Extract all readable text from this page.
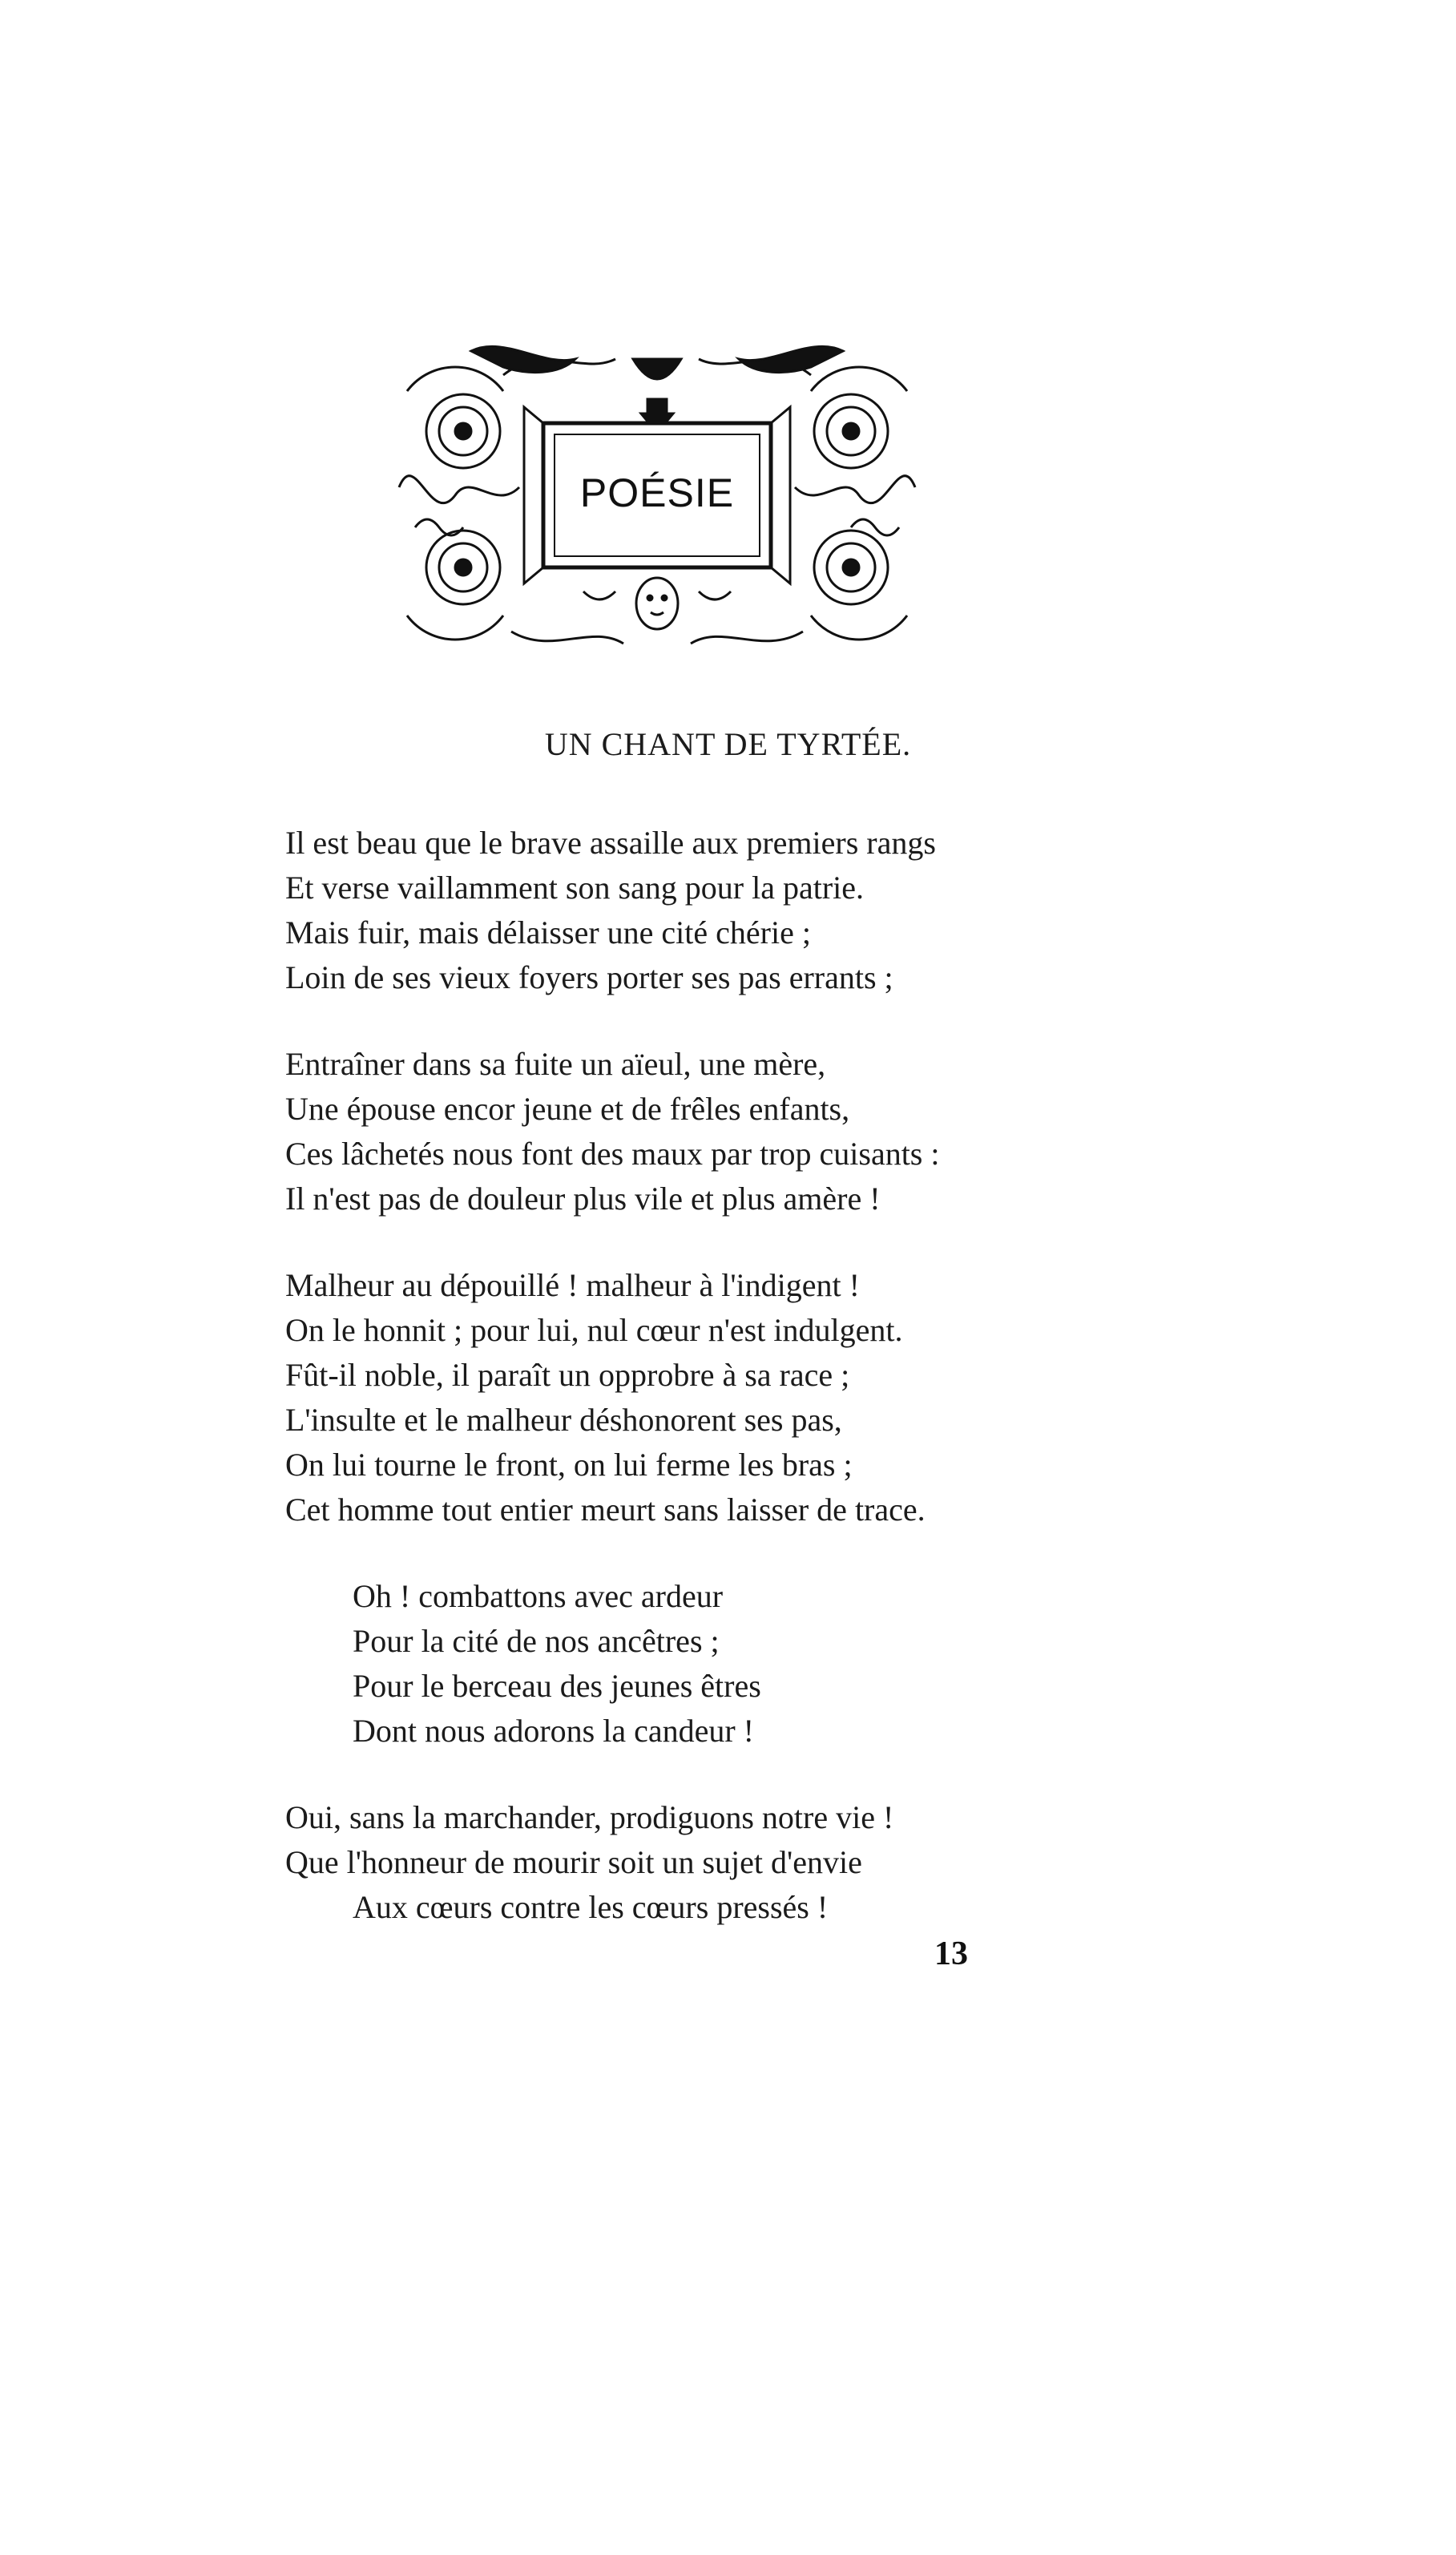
POÉSIE
UN CHANT DE TYRTÉE.
Il est beau que le brave assaille aux premiers rangs
Et verse vaillamment son sang pour la patrie.
Mais fuir, mais délaisser une cité chérie ;
Loin de ses vieux foyers porter ses pas errants ;
Entraîner dans sa fuite un aïeul, une mère,
Une épouse encor jeune et de frêles enfants,
Ces lâchetés nous font des maux par trop cuisants :
Il n'est pas de douleur plus vile et plus amère !
Malheur au dépouillé ! malheur à l'indigent !
On le honnit ; pour lui, nul cœur n'est indulgent.
Fût-il noble, il paraît un opprobre à sa race ;
L'insulte et le malheur déshonorent ses pas,
On lui tourne le front, on lui ferme les bras ;
Cet homme tout entier meurt sans laisser de trace.
Oh ! combattons avec ardeur
Pour la cité de nos ancêtres ;
Pour le berceau des jeunes êtres
Dont nous adorons la candeur !
Oui, sans la marchander, prodiguons notre vie !
Que l'honneur de mourir soit un sujet d'envie
Aux cœurs contre les cœurs pressés !
13
